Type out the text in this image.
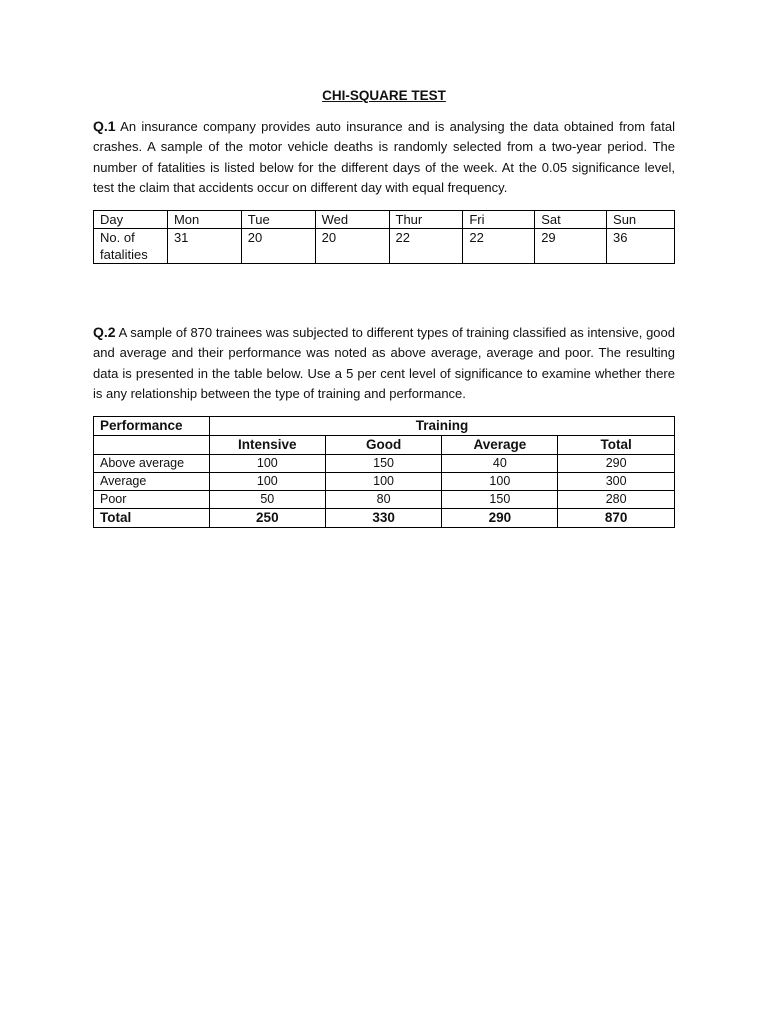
CHI-SQUARE TEST

Q.1 An insurance company provides auto insurance and is analysing the data obtained from fatal crashes. A sample of the motor vehicle deaths is randomly selected from a two-year period. The number of fatalities is listed below for the different days of the week. At the 0.05 significance level, test the claim that accidents occur on different day with equal frequency.

Day	Mon	Tue	Wed	Thur	Fri	Sat	Sun
No. of fatalities	31	20	20	22	22	29	36

Q.2 A sample of 870 trainees was subjected to different types of training classified as intensive, good and average and their performance was noted as above average, average and poor. The resulting data is presented in the table below. Use a 5 per cent level of significance to examine whether there is any relationship between the type of training and performance.

Performance	Training			
	Intensive	Good	Average	Total
Above average	100	150	40	290
Average	100	100	100	300
Poor	50	80	150	280
Total	250	330	290	870
